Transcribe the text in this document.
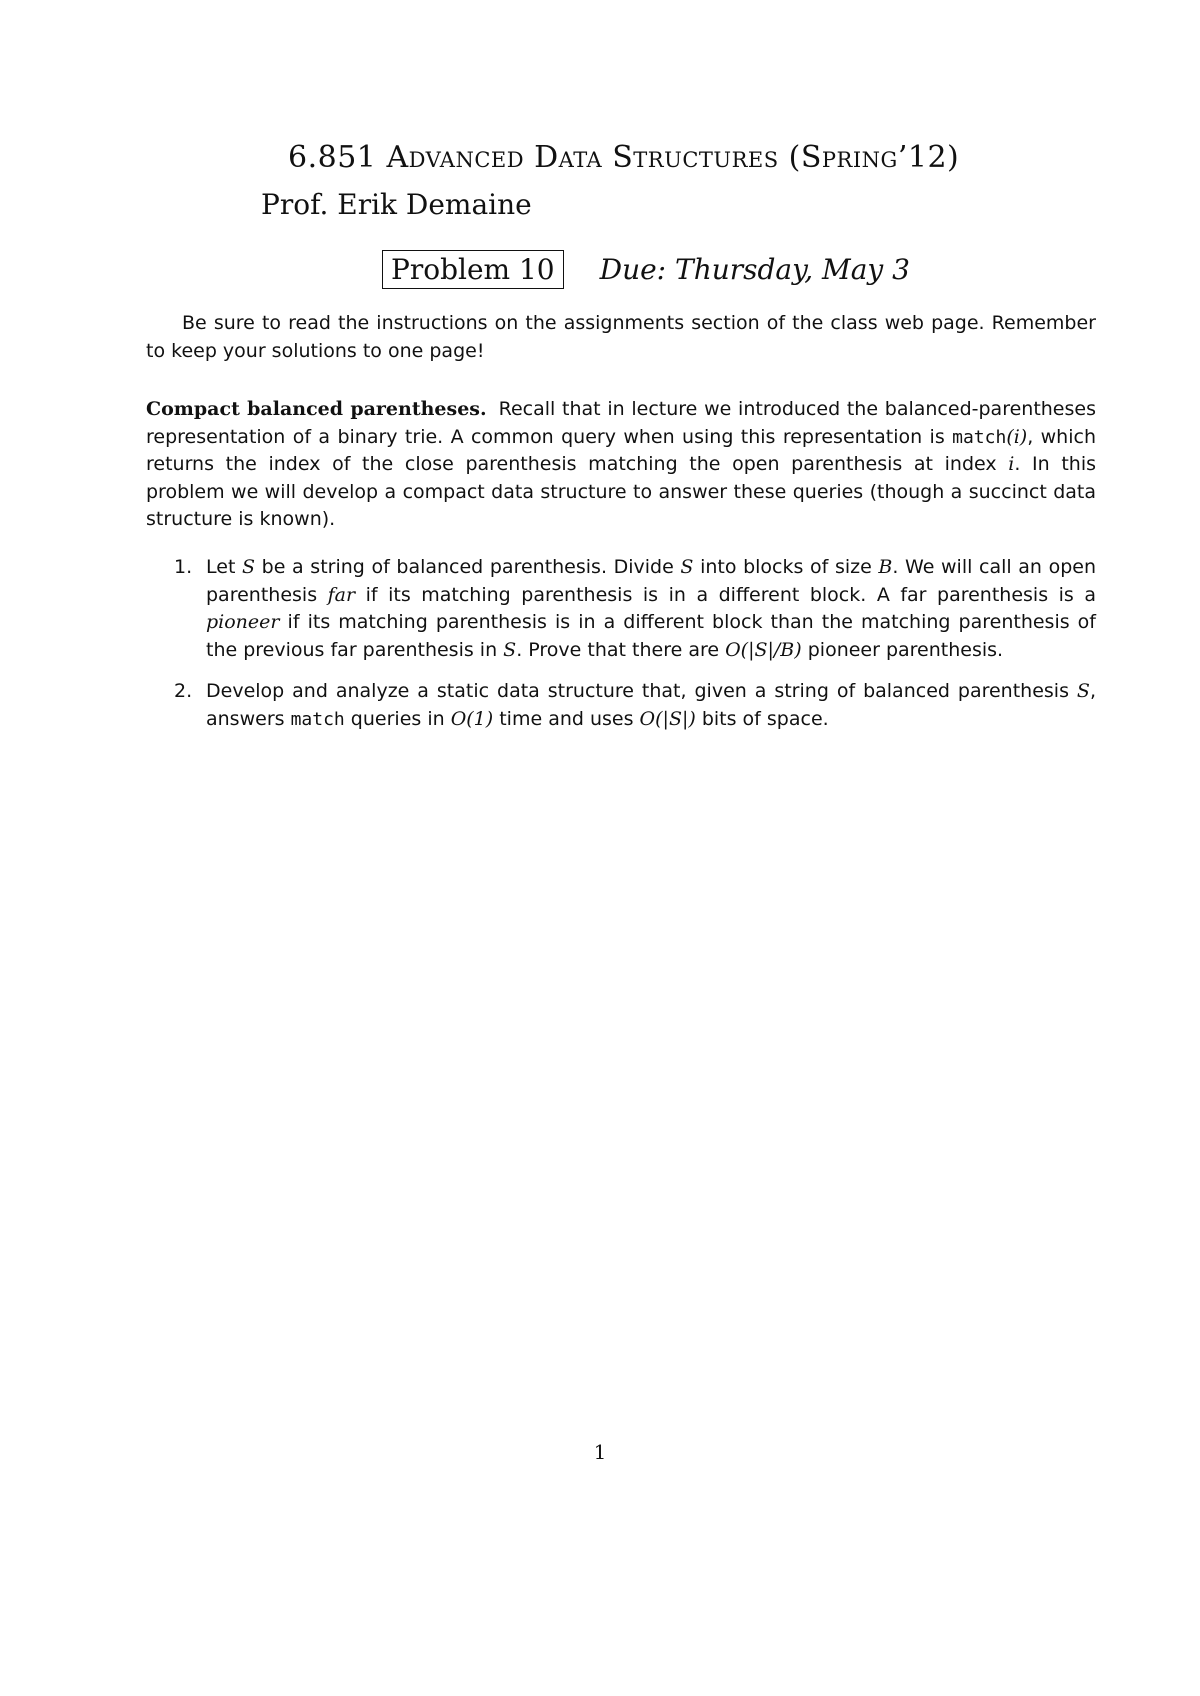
6.851 Advanced Data Structures (Spring’12)
Prof. Erik Demaine
Problem 10	Due: Thursday, May 3

Be sure to read the instructions on the assignments section of the class web page. Remember to keep your solutions to one page!

Compact balanced parentheses. Recall that in lecture we introduced the balanced-parentheses representation of a binary trie. A common query when using this representation is match(i), which returns the index of the close parenthesis matching the open parenthesis at index i. In this problem we will develop a compact data structure to answer these queries (though a succinct data structure is known).

1. Let S be a string of balanced parenthesis. Divide S into blocks of size B. We will call an open parenthesis far if its matching parenthesis is in a different block. A far parenthesis is a pioneer if its matching parenthesis is in a different block than the matching parenthesis of the previous far parenthesis in S. Prove that there are O(|S|/B) pioneer parenthesis.
2. Develop and analyze a static data structure that, given a string of balanced parenthesis S, answers match queries in O(1) time and uses O(|S|) bits of space.
1
